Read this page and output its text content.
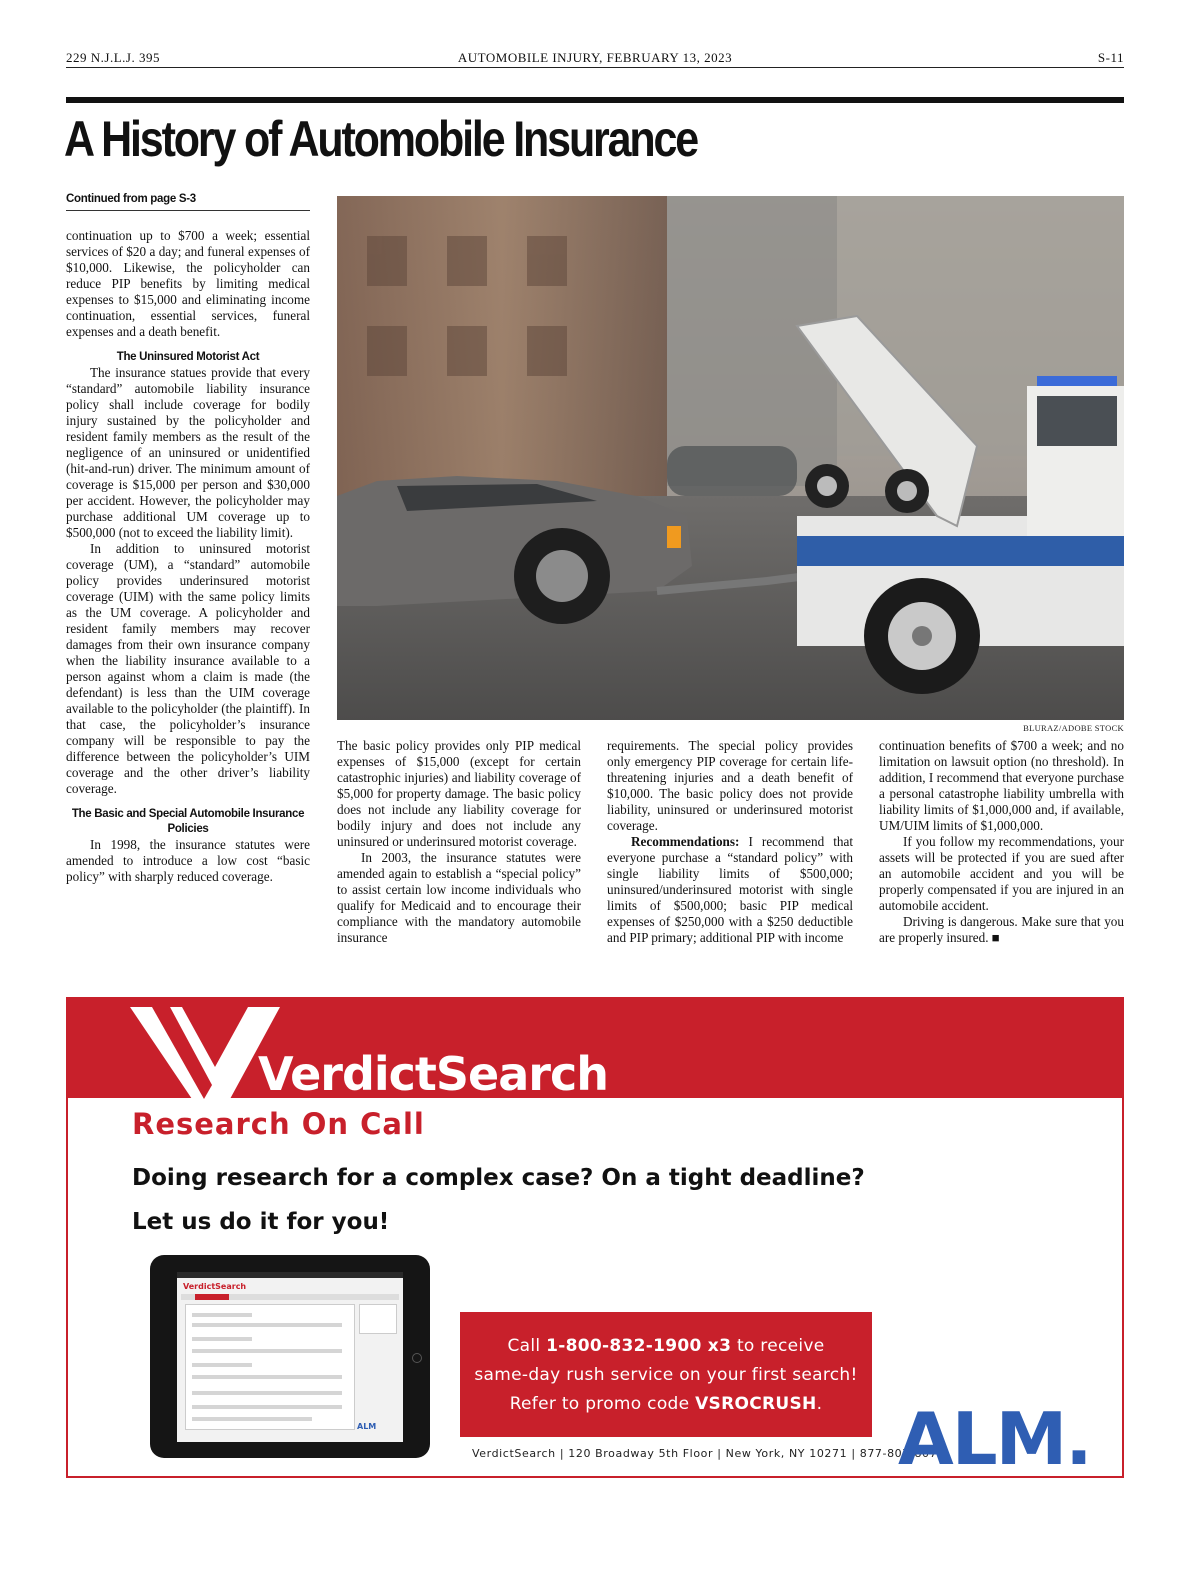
229 N.J.L.J. 395	AUTOMOBILE INJURY, FEBRUARY 13, 2023	S-11
A History of Automobile Insurance
Continued from page S-3

continuation up to $700 a week; essential services of $20 a day; and funeral expenses of $10,000. Likewise, the policyholder can reduce PIP benefits by limiting medical expenses to $15,000 and eliminating income continuation, essential services, funeral expenses and a death benefit.

The Uninsured Motorist Act

The insurance statues provide that every “standard” automobile liability insurance policy shall include coverage for bodily injury sustained by the policyholder and resident family members as the result of the negligence of an uninsured or unidentified (hit-and-run) driver. The minimum amount of coverage is $15,000 per person and $30,000 per accident. However, the policyholder may purchase additional UM coverage up to $500,000 (not to exceed the liability limit).

In addition to uninsured motorist coverage (UM), a “standard” automobile policy provides underinsured motorist coverage (UIM) with the same policy limits as the UM coverage. A policyholder and resident family members may recover damages from their own insurance company when the liability insurance available to a person against whom a claim is made (the defendant) is less than the UIM coverage available to the policyholder (the plaintiff). In that case, the policyholder’s insurance company will be responsible to pay the difference between the policyholder’s UIM coverage and the other driver’s liability coverage.

The Basic and Special Automobile Insurance Policies

In 1998, the insurance statutes were amended to introduce a low cost “basic policy” with sharply reduced coverage.

BLURAZ/ADOBE STOCK

The basic policy provides only PIP medical expenses of $15,000 (except for certain catastrophic injuries) and liability coverage of $5,000 for property damage. The basic policy does not include any liability coverage for bodily injury and does not include any uninsured or underinsured motorist coverage.

In 2003, the insurance statutes were amended again to establish a “special policy” to assist certain low income individuals who qualify for Medicaid and to encourage their compliance with the mandatory automobile insurance

requirements. The special policy provides only emergency PIP coverage for certain life-threatening injuries and a death benefit of $10,000. The basic policy does not provide liability, uninsured or underinsured motorist coverage.

Recommendations: I recommend that everyone purchase a “standard policy” with single liability limits of $500,000; uninsured/underinsured motorist with single limits of $500,000; basic PIP medical expenses of $250,000 with a $250 deductible and PIP primary; additional PIP with income

continuation benefits of $700 a week; and no limitation on lawsuit option (no threshold). In addition, I recommend that everyone purchase a personal catastrophe liability umbrella with liability limits of $1,000,000 and, if available, UM/UIM limits of $1,000,000.

If you follow my recommendations, your assets will be protected if you are sued after an automobile accident and you will be properly compensated if you are injured in an automobile accident.

Driving is dangerous. Make sure that you are properly insured. ■

VerdictSearch
Research On Call
Doing research for a complex case? On a tight deadline?
Let us do it for you!
VerdictSearch
ALM
Call 1-800-832-1900 x3 to receive
same-day rush service on your first search!
Refer to promo code VSROCRUSH.
VerdictSearch | 120 Broadway 5th Floor | New York, NY 10271 | 877-807-8076
ALM.
